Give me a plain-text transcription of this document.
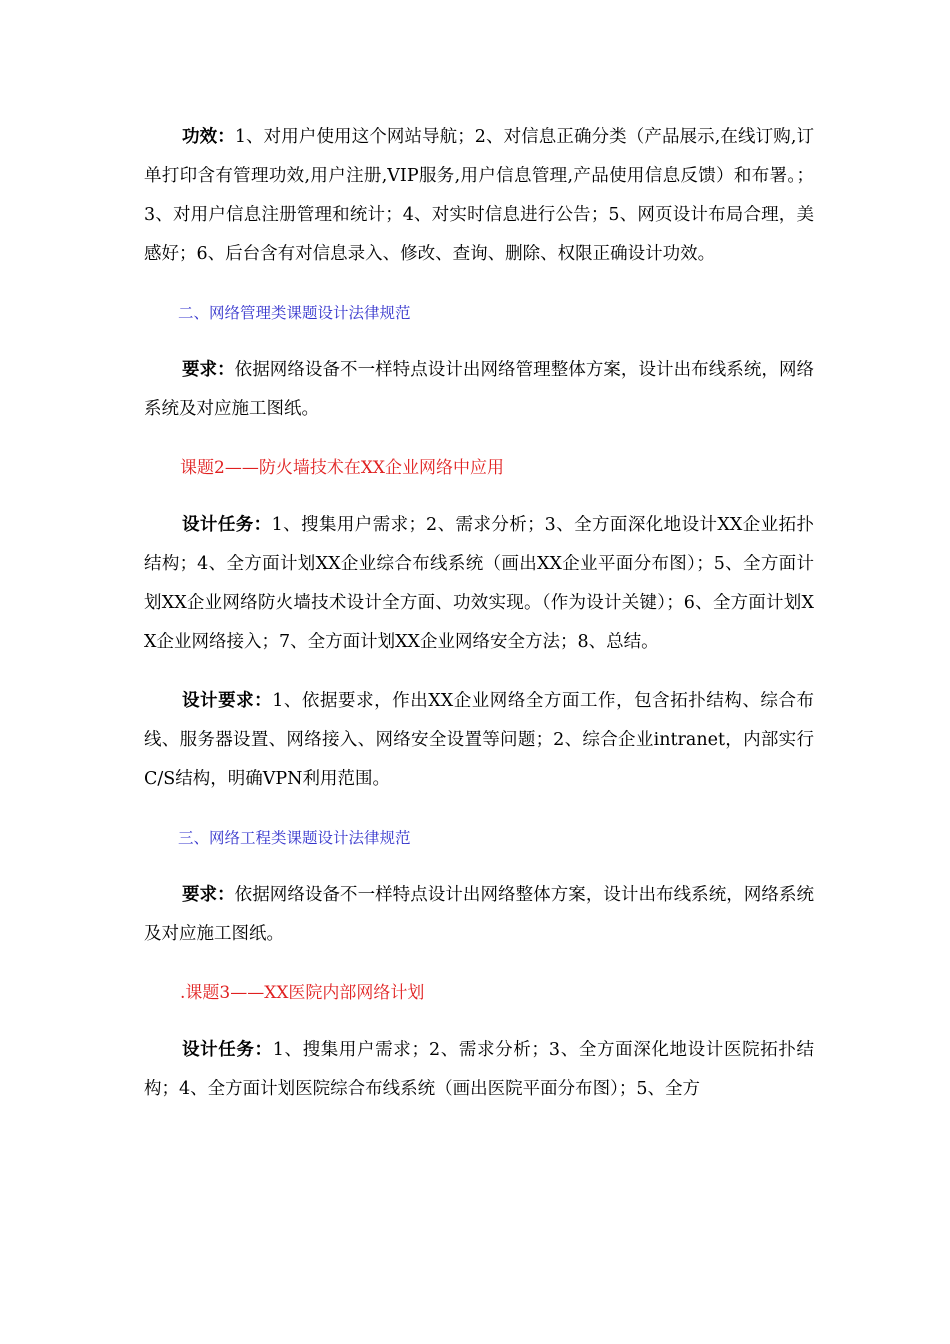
功效：1、对用户使用这个网站导航；2、对信息正确分类（产品展示,在线订购,订单打印含有管理功效,用户注册,VIP服务,用户信息管理,产品使用信息反馈）和布署。；3、对用户信息注册管理和统计；4、对实时信息进行公告；5、网页设计布局合理，美感好；6、后台含有对信息录入、修改、查询、删除、权限正确设计功效。

二、网络管理类课题设计法律规范

要求：依据网络设备不一样特点设计出网络管理整体方案，设计出布线系统，网络系统及对应施工图纸。

课题2——防火墙技术在XX企业网络中应用

设计任务：1、搜集用户需求；2、需求分析；3、全方面深化地设计XX企业拓扑结构；4、全方面计划XX企业综合布线系统（画出XX企业平面分布图）；5、全方面计划XX企业网络防火墙技术设计全方面、功效实现。（作为设计关键）；6、全方面计划XX企业网络接入；7、全方面计划XX企业网络安全方法；8、总结。

设计要求：1、依据要求，作出XX企业网络全方面工作，包含拓扑结构、综合布线、服务器设置、网络接入、网络安全设置等问题；2、综合企业intranet，内部实行C/S结构，明确VPN利用范围。

三、网络工程类课题设计法律规范

要求：依据网络设备不一样特点设计出网络整体方案，设计出布线系统，网络系统及对应施工图纸。

.课题3——XX医院内部网络计划

设计任务：1、搜集用户需求；2、需求分析；3、全方面深化地设计医院拓扑结构；4、全方面计划医院综合布线系统（画出医院平面分布图）；5、全方
